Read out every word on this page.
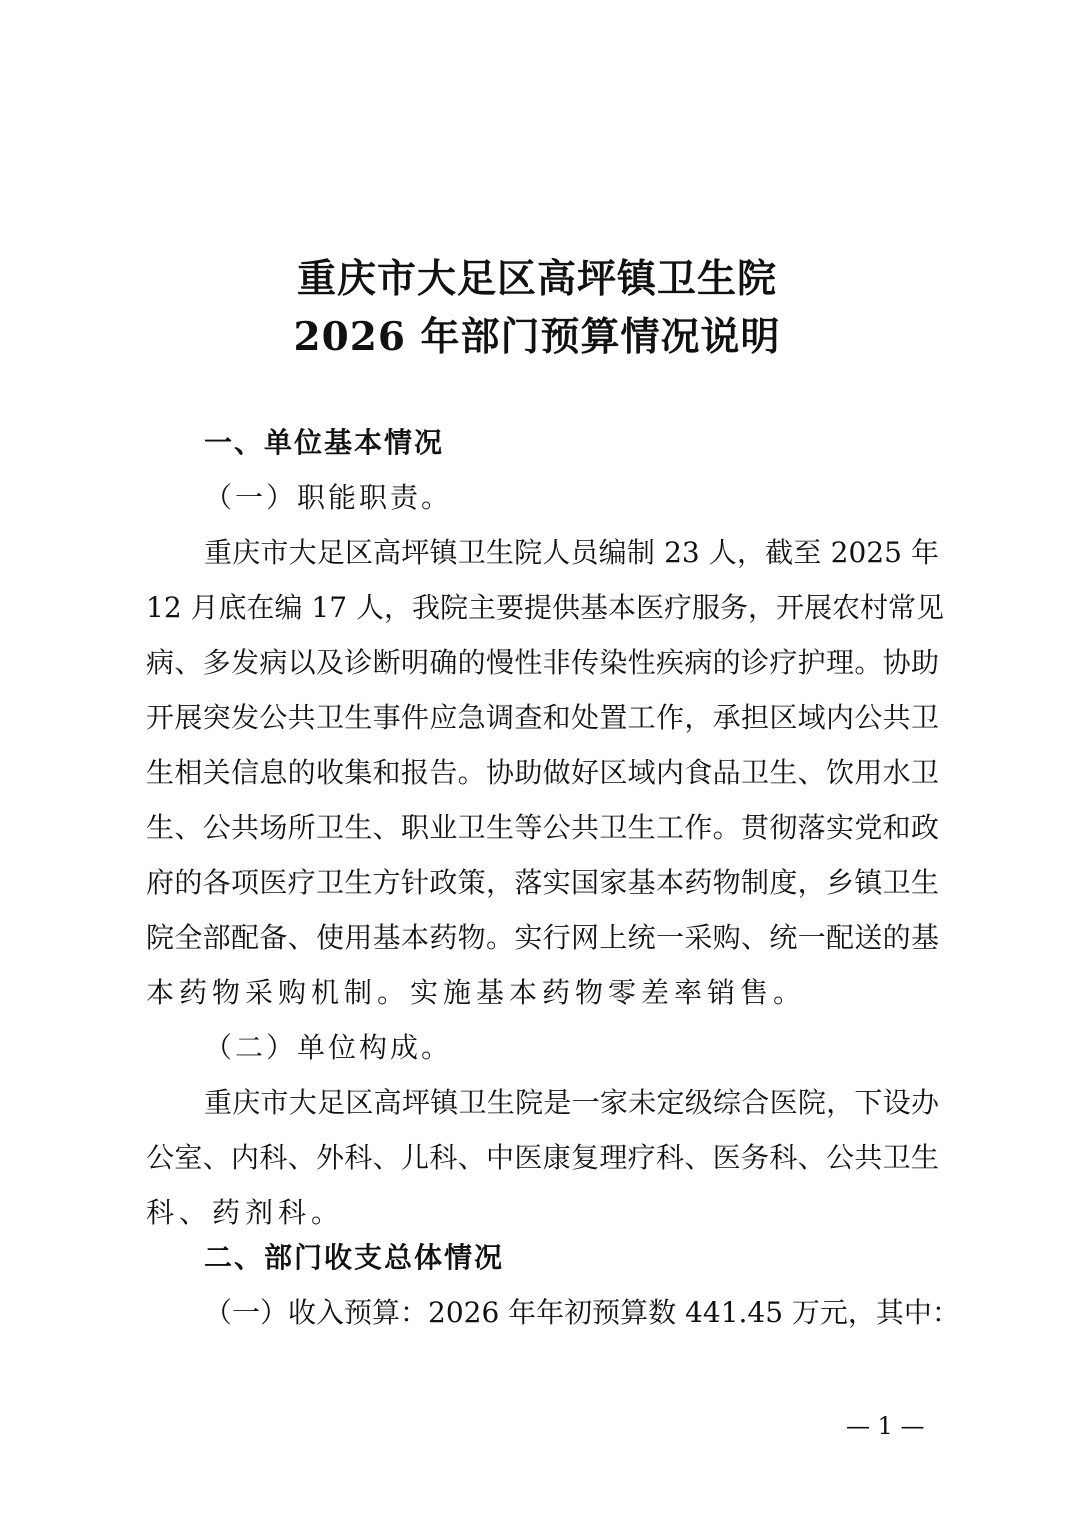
重庆市大足区高坪镇卫生院
2026 年部门预算情况说明
一、单位基本情况
（一）职能职责。
重庆市大足区高坪镇卫生院人员编制 23 人，截至 2025 年
12 月底在编 17 人，我院主要提供基本医疗服务，开展农村常见
病、多发病以及诊断明确的慢性非传染性疾病的诊疗护理。协助
开展突发公共卫生事件应急调查和处置工作，承担区域内公共卫
生相关信息的收集和报告。协助做好区域内食品卫生、饮用水卫
生、公共场所卫生、职业卫生等公共卫生工作。贯彻落实党和政
府的各项医疗卫生方针政策，落实国家基本药物制度，乡镇卫生
院全部配备、使用基本药物。实行网上统一采购、统一配送的基
本药物采购机制。实施基本药物零差率销售。
（二）单位构成。
重庆市大足区高坪镇卫生院是一家未定级综合医院，下设办
公室、内科、外科、儿科、中医康复理疗科、医务科、公共卫生
科、药剂科。
二、部门收支总体情况
（一）收入预算：2026 年年初预算数 441.45 万元，其中：
— 1 —
